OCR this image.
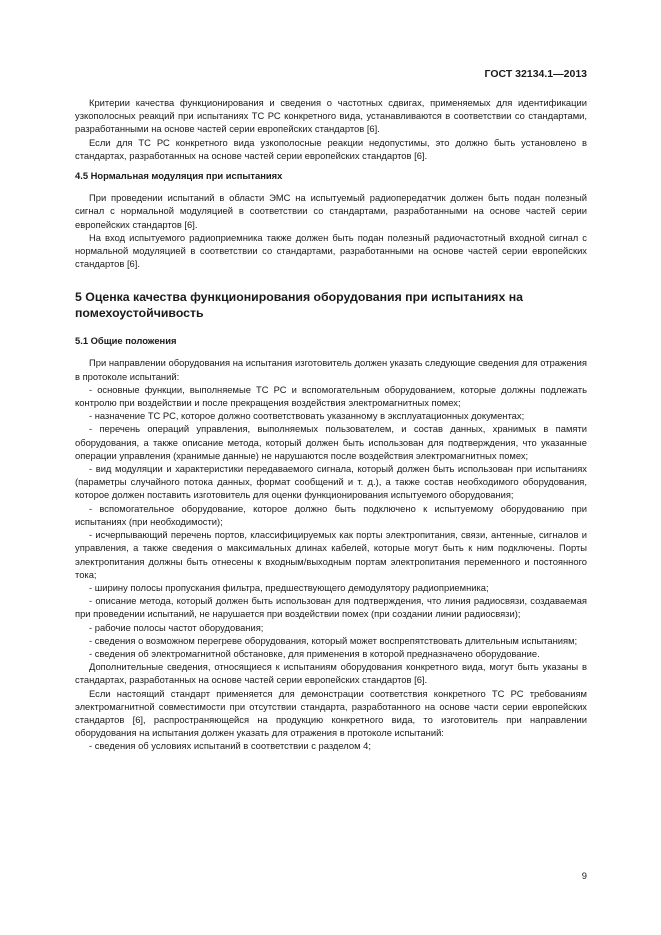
ГОСТ 32134.1—2013

Критерии качества функционирования и сведения о частотных сдвигах, применяемых для идентификации узкополосных реакций при испытаниях ТС РС конкретного вида, устанавливаются в соответствии со стандартами, разработанными на основе частей серии европейских стандартов [6].

Если для ТС РС конкретного вида узкополосные реакции недопустимы, это должно быть установлено в стандартах, разработанных на основе частей серии европейских стандартов [6].

4.5 Нормальная модуляция при испытаниях

При проведении испытаний в области ЭМС на испытуемый радиопередатчик должен быть подан полезный сигнал с нормальной модуляцией в соответствии со стандартами, разработанными на основе частей серии европейских стандартов [6].

На вход испытуемого радиоприемника также должен быть подан полезный радиочастотный входной сигнал с нормальной модуляцией в соответствии со стандартами, разработанными на основе частей серии европейских стандартов [6].

5 Оценка качества функционирования оборудования при испытаниях на помехоустойчивость

5.1 Общие положения

При направлении оборудования на испытания изготовитель должен указать следующие сведения для отражения в протоколе испытаний:

- основные функции, выполняемые ТС РС и вспомогательным оборудованием, которые должны подлежать контролю при воздействии и после прекращения воздействия электромагнитных помех;

- назначение ТС РС, которое должно соответствовать указанному в эксплуатационных документах;

- перечень операций управления, выполняемых пользователем, и состав данных, хранимых в памяти оборудования, а также описание метода, который должен быть использован для подтверждения, что указанные операции управления (хранимые данные) не нарушаются после воздействия электромагнитных помех;

- вид модуляции и характеристики передаваемого сигнала, который должен быть использован при испытаниях (параметры случайного потока данных, формат сообщений и т. д.), а также состав необходимого оборудования, которое должен поставить изготовитель для оценки функционирования испытуемого оборудования;

- вспомогательное оборудование, которое должно быть подключено к испытуемому оборудованию при испытаниях (при необходимости);

- исчерпывающий перечень портов, классифицируемых как порты электропитания, связи, антенные, сигналов и управления, а также сведения о максимальных длинах кабелей, которые могут быть к ним подключены. Порты электропитания должны быть отнесены к входным/выходным портам электропитания переменного и постоянного тока;

- ширину полосы пропускания фильтра, предшествующего демодулятору радиоприемника;

- описание метода, который должен быть использован для подтверждения, что линия радиосвязи, создаваемая при проведении испытаний, не нарушается при воздействии помех (при создании линии радиосвязи);

- рабочие полосы частот оборудования;

- сведения о возможном перегреве оборудования, который может воспрепятствовать длительным испытаниям;

- сведения об электромагнитной обстановке, для применения в которой предназначено оборудование.

Дополнительные сведения, относящиеся к испытаниям оборудования конкретного вида, могут быть указаны в стандартах, разработанных на основе частей серии европейских стандартов [6].

Если настоящий стандарт применяется для демонстрации соответствия конкретного ТС РС требованиям электромагнитной совместимости при отсутствии стандарта, разработанного на основе части серии европейских стандартов [6], распространяющейся на продукцию конкретного вида, то изготовитель при направлении оборудования на испытания должен указать для отражения в протоколе испытаний:

- сведения об условиях испытаний в соответствии с разделом 4;

9
